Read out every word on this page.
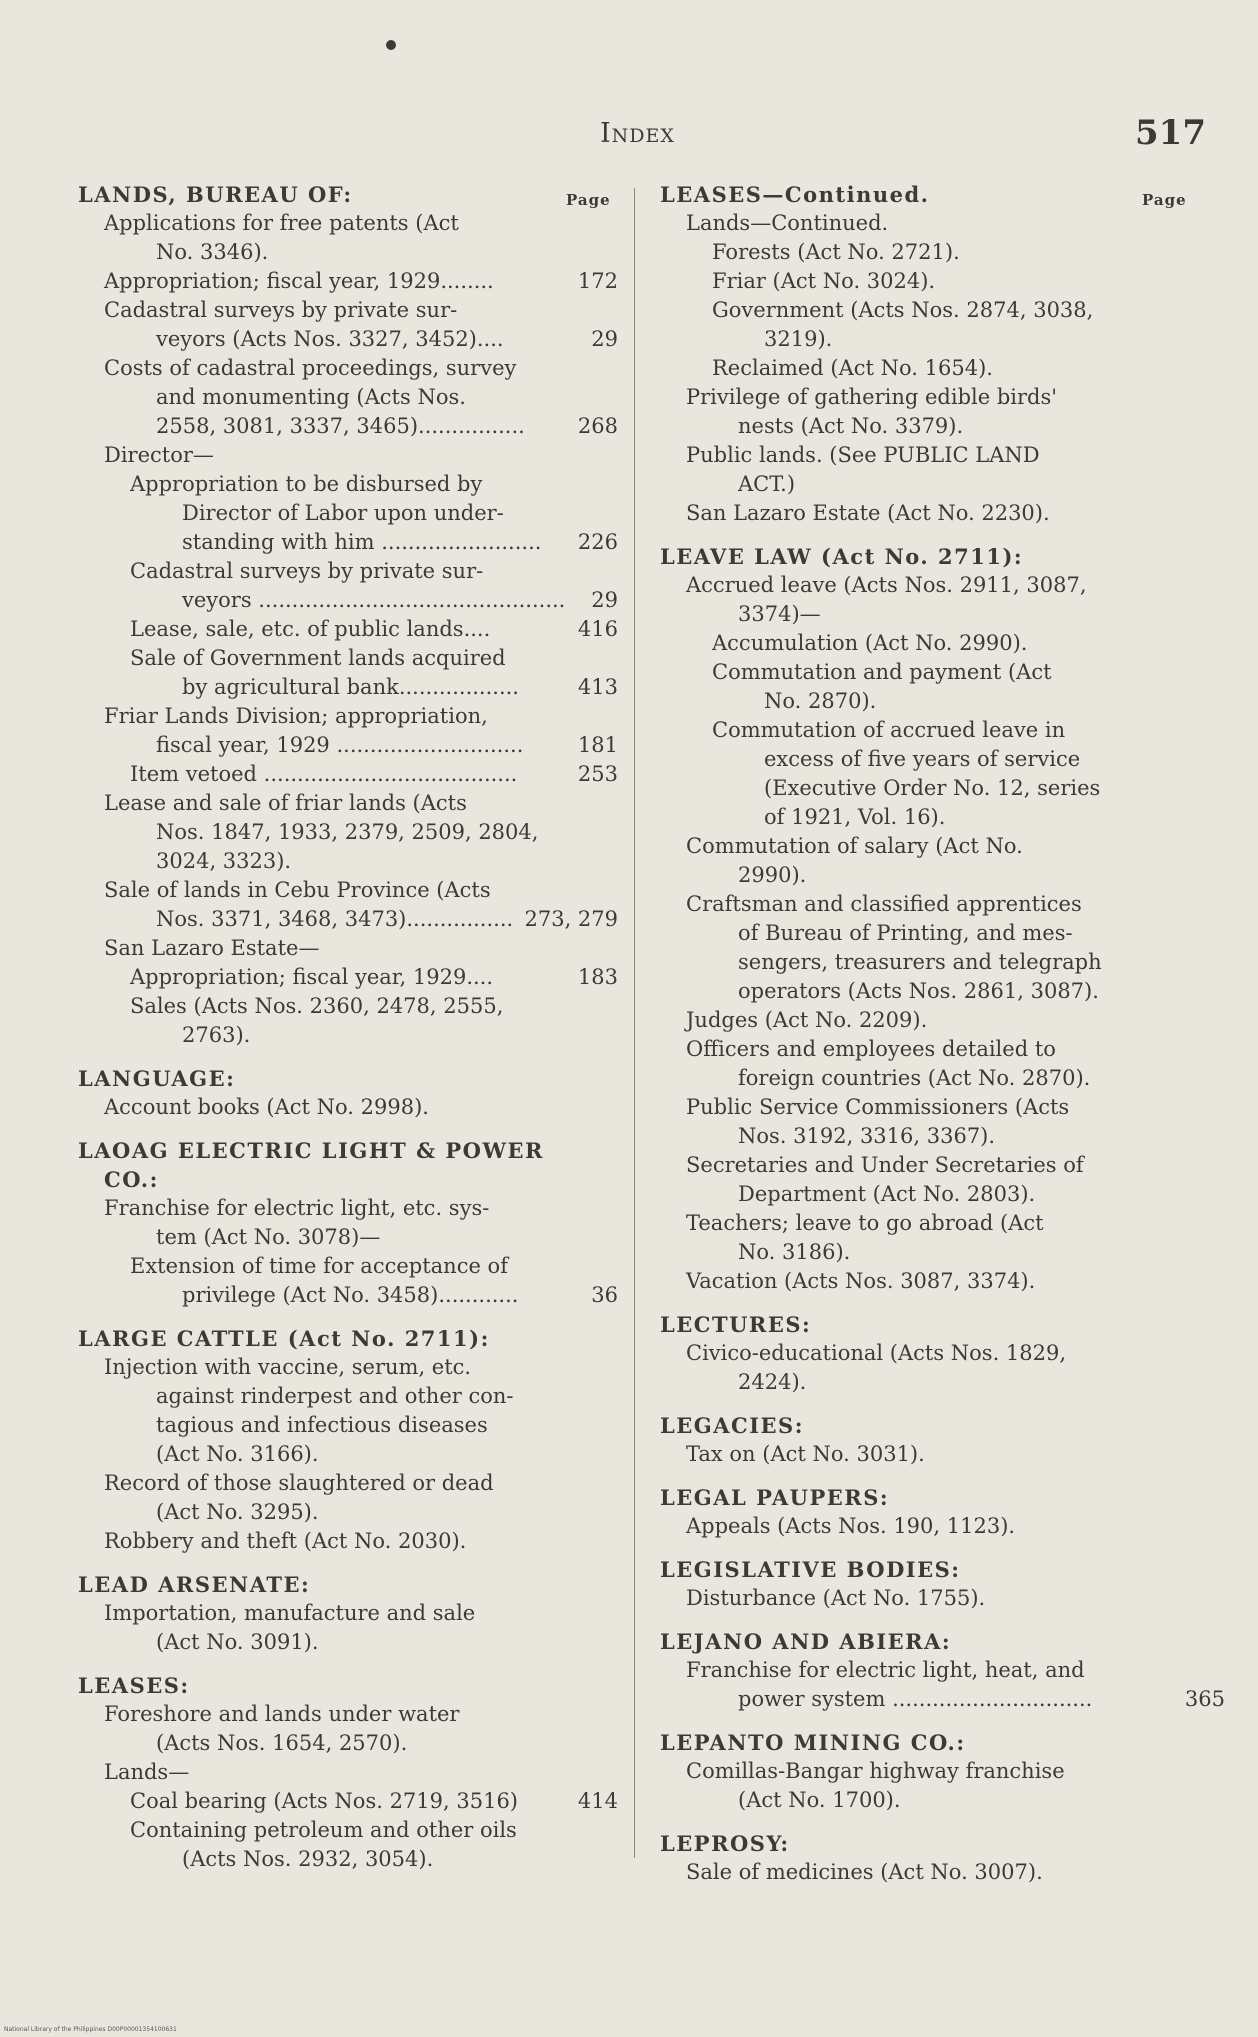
Index	517
Page
LANDS, BUREAU OF:
Applications for free patents (Act
No. 3346).
Appropriation; fiscal year, 1929........	172
Cadastral surveys by private sur-
veyors (Acts Nos. 3327, 3452)....	29
Costs of cadastral proceedings, survey
and monumenting (Acts Nos.
2558, 3081, 3337, 3465)................	268
Director—
Appropriation to be disbursed by
Director of Labor upon under-
standing with him ........................	226
Cadastral surveys by private sur-
veyors ..............................................	29
Lease, sale, etc. of public lands....	416
Sale of Government lands acquired
by agricultural bank..................	413
Friar Lands Division; appropriation,
fiscal year, 1929 ............................	181
Item vetoed ......................................	253
Lease and sale of friar lands (Acts
Nos. 1847, 1933, 2379, 2509, 2804,
3024, 3323).
Sale of lands in Cebu Province (Acts
Nos. 3371, 3468, 3473)................ 273, 279
San Lazaro Estate—
Appropriation; fiscal year, 1929....	183
Sales (Acts Nos. 2360, 2478, 2555,
2763).
LANGUAGE:
Account books (Act No. 2998).
LAOAG ELECTRIC LIGHT & POWER
CO.:
Franchise for electric light, etc. sys-
tem (Act No. 3078)—
Extension of time for acceptance of
privilege (Act No. 3458)............	36
LARGE CATTLE (Act No. 2711):
Injection with vaccine, serum, etc.
against rinderpest and other con-
tagious and infectious diseases
(Act No. 3166).
Record of those slaughtered or dead
(Act No. 3295).
Robbery and theft (Act No. 2030).
LEAD ARSENATE:
Importation, manufacture and sale
(Act No. 3091).
LEASES:
Foreshore and lands under water
(Acts Nos. 1654, 2570).
Lands—
Coal bearing (Acts Nos. 2719, 3516)	414
Containing petroleum and other oils
(Acts Nos. 2932, 3054).
Page
LEASES—Continued.
Lands—Continued.
Forests (Act No. 2721).
Friar (Act No. 3024).
Government (Acts Nos. 2874, 3038,
3219).
Reclaimed (Act No. 1654).
Privilege of gathering edible birds'
nests (Act No. 3379).
Public lands. (See PUBLIC LAND
ACT.)
San Lazaro Estate (Act No. 2230).
LEAVE LAW (Act No. 2711):
Accrued leave (Acts Nos. 2911, 3087,
3374)—
Accumulation (Act No. 2990).
Commutation and payment (Act
No. 2870).
Commutation of accrued leave in
excess of five years of service
(Executive Order No. 12, series
of 1921, Vol. 16).
Commutation of salary (Act No.
2990).
Craftsman and classified apprentices
of Bureau of Printing, and mes-
sengers, treasurers and telegraph
operators (Acts Nos. 2861, 3087).
Judges (Act No. 2209).
Officers and employees detailed to
foreign countries (Act No. 2870).
Public Service Commissioners (Acts
Nos. 3192, 3316, 3367).
Secretaries and Under Secretaries of
Department (Act No. 2803).
Teachers; leave to go abroad (Act
No. 3186).
Vacation (Acts Nos. 3087, 3374).
LECTURES:
Civico-educational (Acts Nos. 1829,
2424).
LEGACIES:
Tax on (Act No. 3031).
LEGAL PAUPERS:
Appeals (Acts Nos. 190, 1123).
LEGISLATIVE BODIES:
Disturbance (Act No. 1755).
LEJANO AND ABIERA:
Franchise for electric light, heat, and
power system ..............................	365
LEPANTO MINING CO.:
Comillas-Bangar highway franchise
(Act No. 1700).
LEPROSY:
Sale of medicines (Act No. 3007).
National Library of the Philippines D00P00001354100631
